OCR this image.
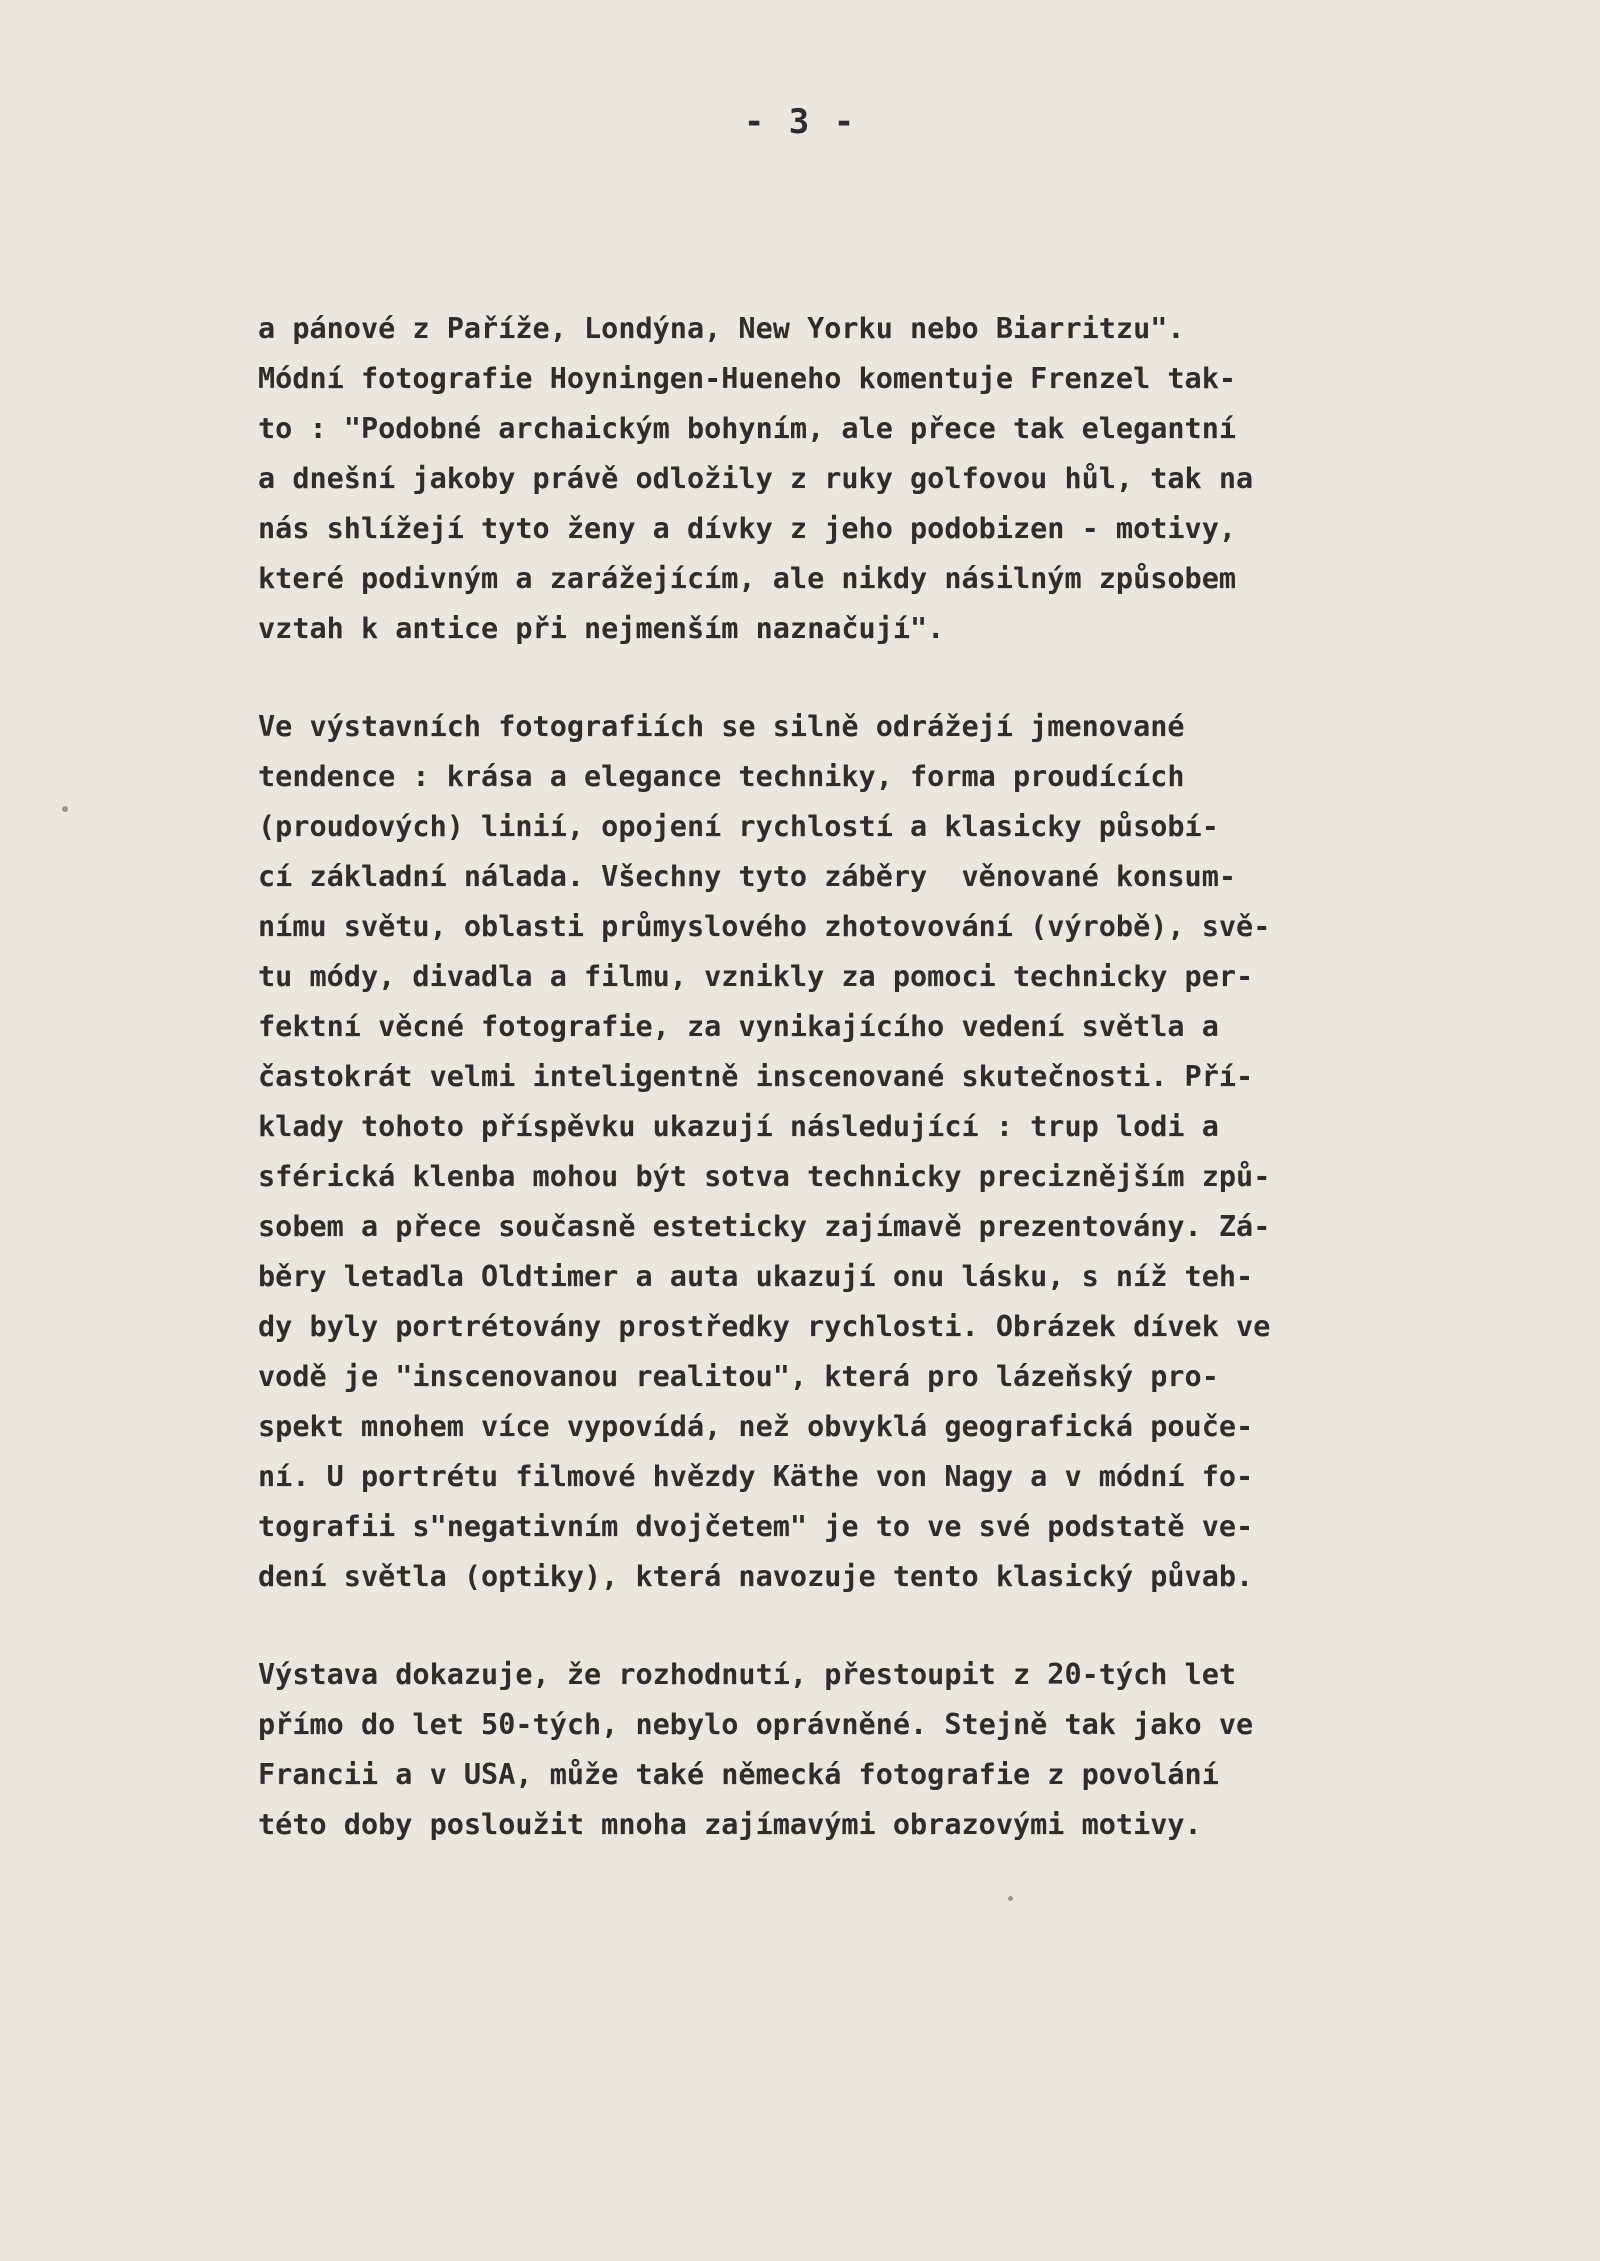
- 3 -
a pánové z Paříže, Londýna, New Yorku nebo Biarritzu".
Módní fotografie Hoyningen-Hueneho komentuje Frenzel tak-
to : "Podobné archaickým bohyním, ale přece tak elegantní
a dnešní jakoby právě odložily z ruky golfovou hůl, tak na
nás shlížejí tyto ženy a dívky z jeho podobizen - motivy,
které podivným a zarážejícím, ale nikdy násilným způsobem
vztah k antice při nejmenším naznačují".
Ve výstavních fotografiích se silně odrážejí jmenované
tendence : krása a elegance techniky, forma proudících
(proudových) linií, opojení rychlostí a klasicky působí-
cí základní nálada. Všechny tyto záběry  věnované konsum-
nímu světu, oblasti průmyslového zhotovování (výrobě), svě-
tu módy, divadla a filmu, vznikly za pomoci technicky per-
fektní věcné fotografie, za vynikajícího vedení světla a
častokrát velmi inteligentně inscenované skutečnosti. Pří-
klady tohoto příspěvku ukazují následující : trup lodi a
sférická klenba mohou být sotva technicky preciznějším způ-
sobem a přece současně esteticky zajímavě prezentovány. Zá-
běry letadla Oldtimer a auta ukazují onu lásku, s níž teh-
dy byly portrétovány prostředky rychlosti. Obrázek dívek ve
vodě je "inscenovanou realitou", která pro lázeňský pro-
spekt mnohem více vypovídá, než obvyklá geografická poučе-
ní. U portrétu filmové hvězdy Käthe von Nagy a v módní fo-
tografii s"negativním dvojčetem" je to ve své podstatě ve-
dení světla (optiky), která navozuje tento klasický půvab.
Výstava dokazuje, že rozhodnutí, přestoupit z 20-tých let
přímo do let 50-tých, nebylo oprávněné. Stejně tak jako ve
Francii a v USA, může také německá fotografie z povolání
této doby posloužit mnoha zajímavými obrazovými motivy.
